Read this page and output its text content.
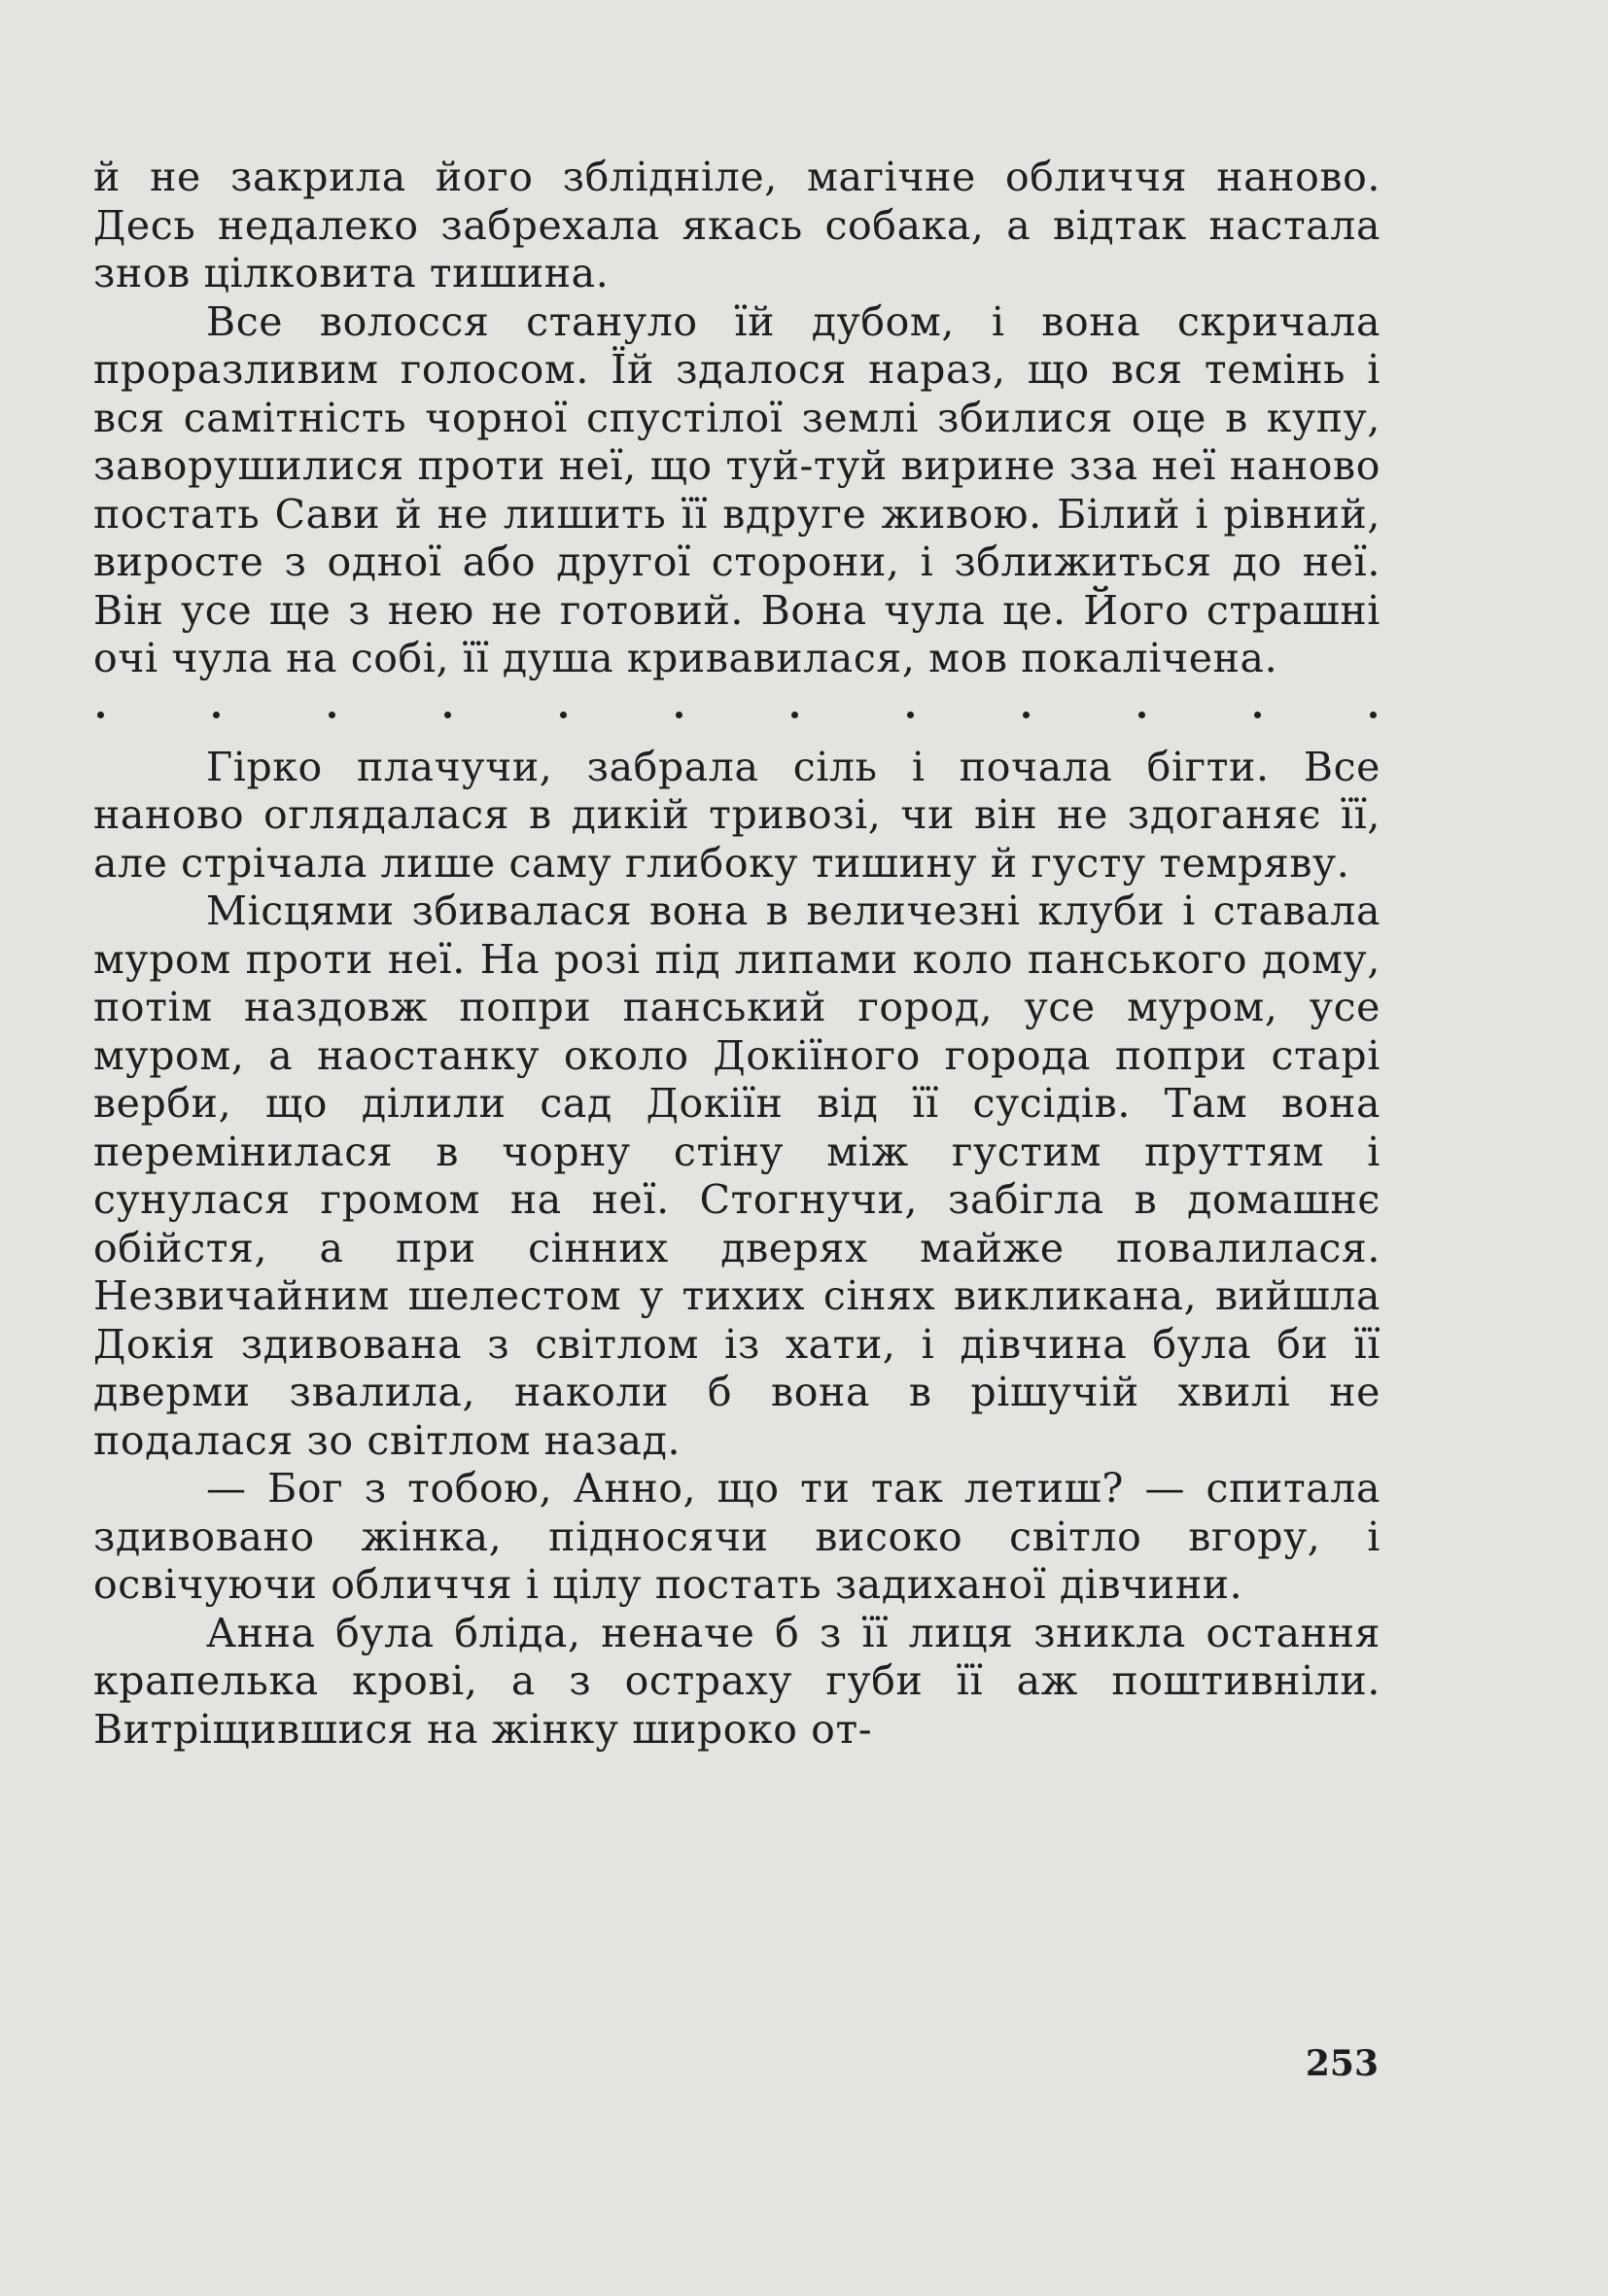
й не закрила його зблідніле, магічне обличчя наново. Десь недалеко забрехала якась собака, а відтак настала знов цілковита тишина.

Все волосся стануло їй дубом, і вона скричала проразливим голосом. Їй здалося нараз, що вся темінь і вся самітність чорної спустілої землі збилися оце в купу, заворушилися проти неї, що туй-туй вирине зза неї наново постать Сави й не лишить її вдруге живою. Білий і рівний, виросте з одної або другої сторони, і зближиться до неї. Він усе ще з нею не готовий. Вона чула це. Його страшні очі чула на собі, її душа кривавилася, мов покалічена.

Гірко плачучи, забрала сіль і почала бігти. Все наново оглядалася в дикій тривозі, чи він не здоганяє її, але стрічала лише саму глибоку тишину й густу темряву.

Місцями збивалася вона в величезні клуби і ставала муром проти неї. На розі під липами коло панського дому, потім наздовж попри панський город, усе муром, усе муром, а наостанку около Докіїного города попри старі верби, що ділили сад Докіїн від її сусідів. Там вона перемінилася в чорну стіну між густим пруттям і сунулася громом на неї. Стогнучи, забігла в домашнє обійстя, а при сінних дверях майже повалилася. Незвичайним шелестом у тихих сінях викликана, вийшла Докія здивована з світлом із хати, і дівчина була би її дверми звалила, наколи б вона в рішучій хвилі не подалася зо світлом назад.

— Бог з тобою, Анно, що ти так летиш? — спитала здивовано жінка, підносячи високо світло вгору, і освічуючи обличчя і цілу постать задиханої дівчини.

Анна була бліда, неначе б з її лиця зникла остання крапелька крові, а з остраху губи її аж поштивніли. Витріщившися на жінку широко от-

253
